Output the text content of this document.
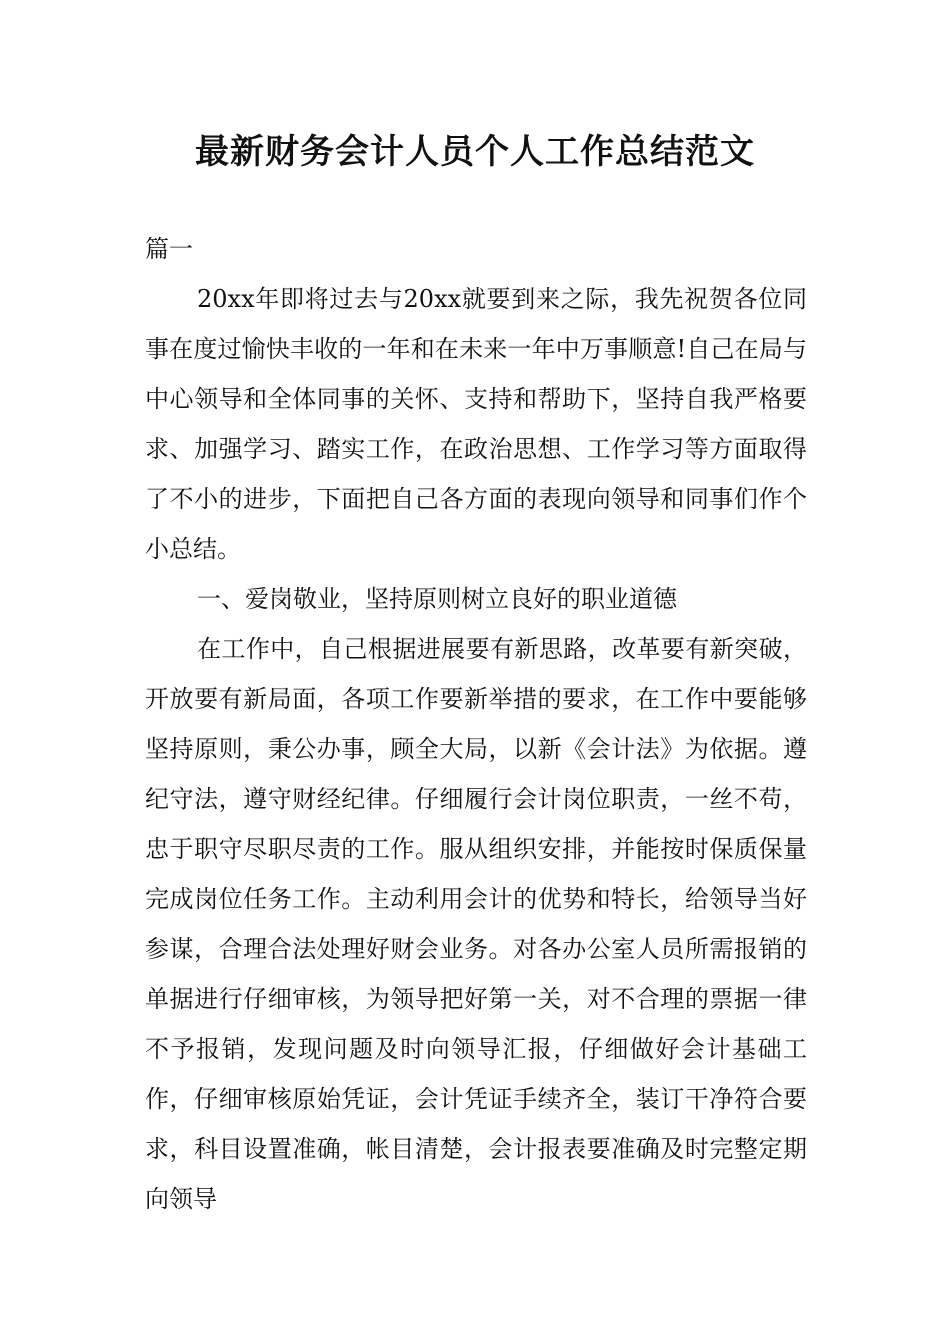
最新财务会计人员个人工作总结范文

篇一

20xx年即将过去与20xx就要到来之际，我先祝贺各位同事在度过愉快丰收的一年和在未来一年中万事顺意!自己在局与中心领导和全体同事的关怀、支持和帮助下，坚持自我严格要求、加强学习、踏实工作，在政治思想、工作学习等方面取得了不小的进步，下面把自己各方面的表现向领导和同事们作个小总结。

一、爱岗敬业，坚持原则树立良好的职业道德

在工作中，自己根据进展要有新思路，改革要有新突破，开放要有新局面，各项工作要新举措的要求，在工作中要能够坚持原则，秉公办事，顾全大局，以新《会计法》为依据。遵纪守法，遵守财经纪律。仔细履行会计岗位职责，一丝不苟，忠于职守尽职尽责的工作。服从组织安排，并能按时保质保量完成岗位任务工作。主动利用会计的优势和特长，给领导当好参谋，合理合法处理好财会业务。对各办公室人员所需报销的单据进行仔细审核，为领导把好第一关，对不合理的票据一律不予报销，发现问题及时向领导汇报，仔细做好会计基础工作，仔细审核原始凭证，会计凭证手续齐全，装订干净符合要求，科目设置准确，帐目清楚，会计报表要准确及时完整定期向领导
